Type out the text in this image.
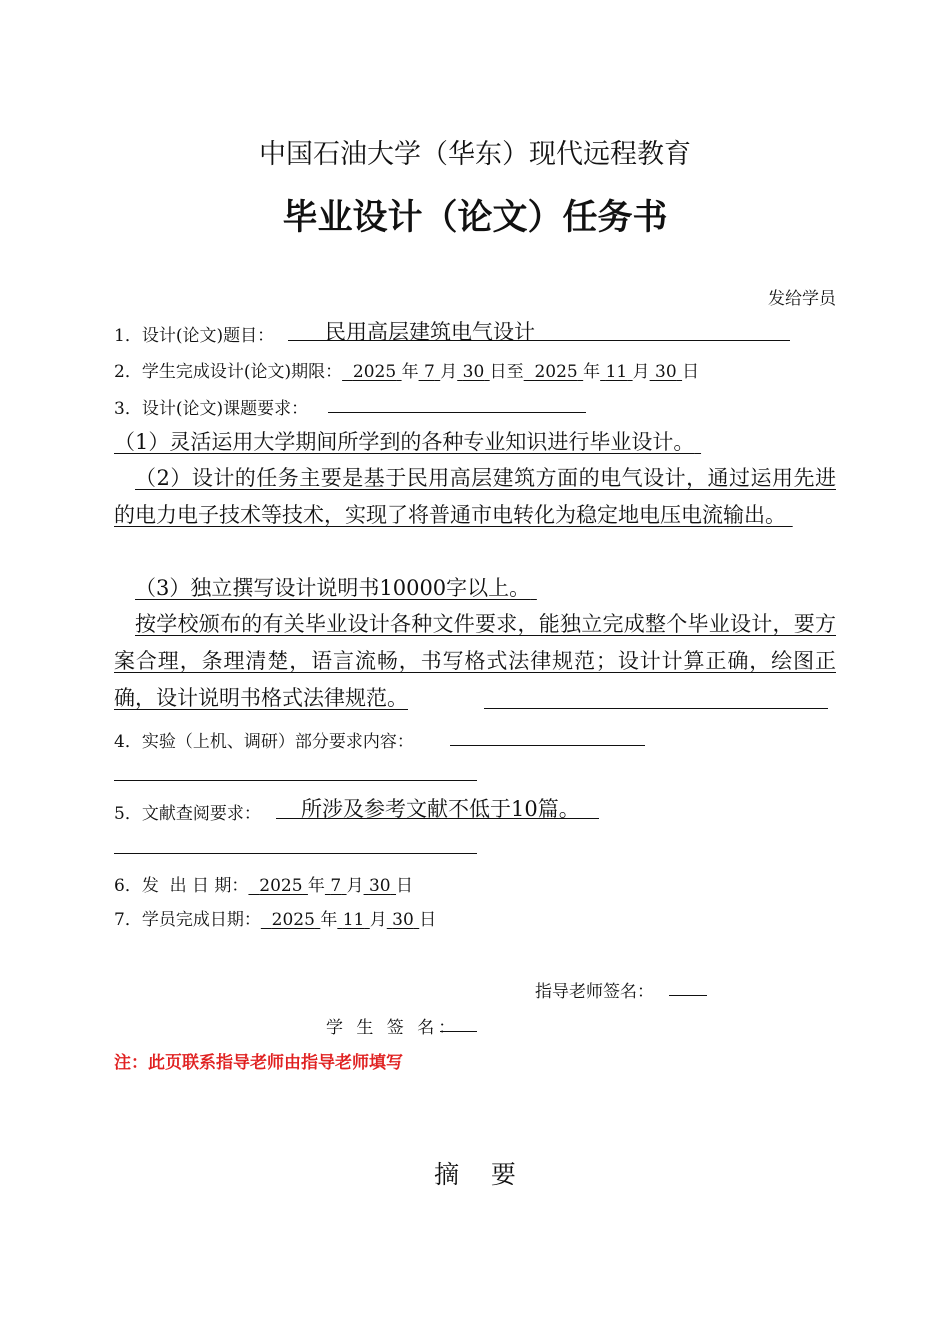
中国石油大学（华东）现代远程教育
毕业设计（论文）任务书
发给学员
1．设计(论文)题目： 民用高层建筑电气设计
2．学生完成设计(论文)期限： 2025 年 7 月 30 日至 2025 年 11 月 30 日
3．设计(论文)课题要求：
（1）灵活运用大学期间所学到的各种专业知识进行毕业设计。
（2）设计的任务主要是基于民用高层建筑方面的电气设计，通过运用先进的电力电子技术等技术，实现了将普通市电转化为稳定地电压电流输出。
（3）独立撰写设计说明书10000字以上。
按学校颁布的有关毕业设计各种文件要求，能独立完成整个毕业设计，要方案合理，条理清楚，语言流畅，书写格式法律规范；设计计算正确，绘图正确，设计说明书格式法律规范。
4．实验（上机、调研）部分要求内容：
5．文献查阅要求： 所涉及参考文献不低于10篇。
6．发  出 日 期： 2025 年 7 月 30 日
7．学员完成日期： 2025 年 11 月 30 日
指导老师签名：
学 生 签 名：
注：此页联系指导老师由指导老师填写
摘    要
